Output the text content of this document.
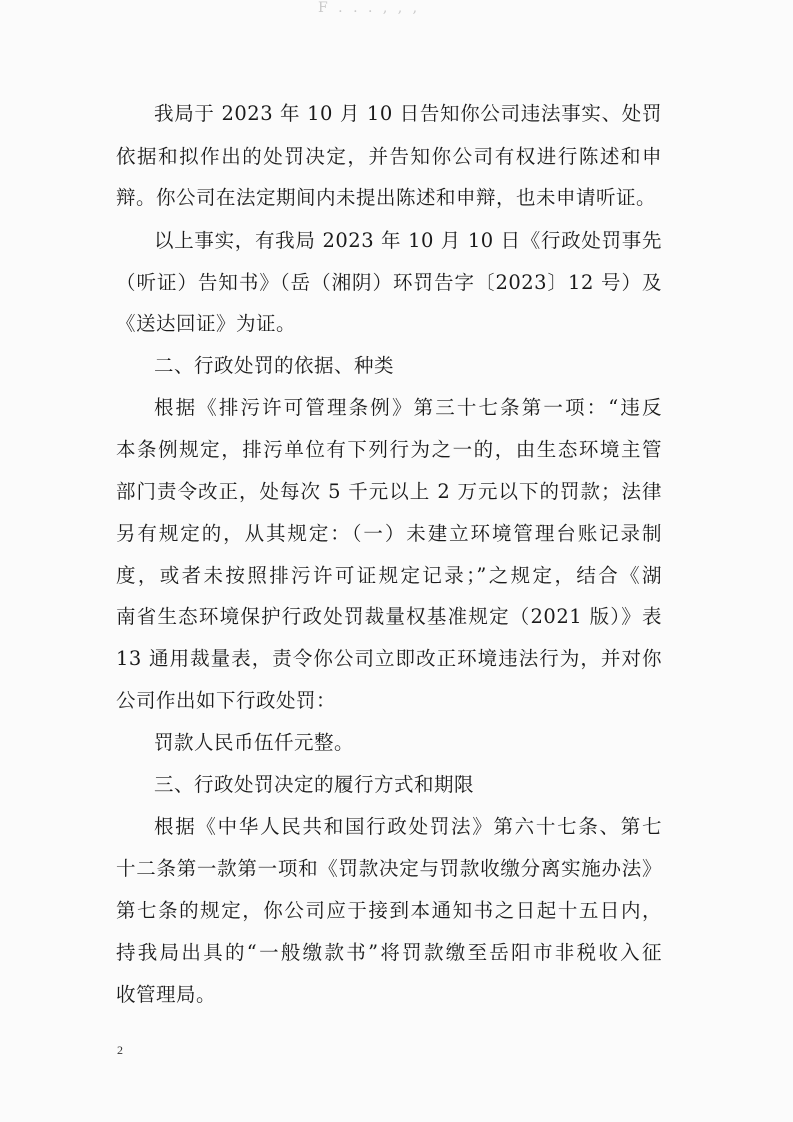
F . . . , , ,
我局于 2023 年 10 月 10 日告知你公司违法事实、处罚
依据和拟作出的处罚决定，并告知你公司有权进行陈述和申
辩。你公司在法定期间内未提出陈述和申辩，也未申请听证。
以上事实，有我局 2023 年 10 月 10 日《行政处罚事先
（听证）告知书》（岳（湘阴）环罚告字〔2023〕12 号）及
《送达回证》为证。
二、行政处罚的依据、种类
根据《排污许可管理条例》第三十七条第一项：“违反
本条例规定，排污单位有下列行为之一的，由生态环境主管
部门责令改正，处每次 5 千元以上 2 万元以下的罚款；法律
另有规定的，从其规定：（一）未建立环境管理台账记录制
度，或者未按照排污许可证规定记录；”之规定，结合《湖
南省生态环境保护行政处罚裁量权基准规定（2021 版）》表
13 通用裁量表，责令你公司立即改正环境违法行为，并对你
公司作出如下行政处罚：
罚款人民币伍仟元整。
三、行政处罚决定的履行方式和期限
根据《中华人民共和国行政处罚法》第六十七条、第七
十二条第一款第一项和《罚款决定与罚款收缴分离实施办法》
第七条的规定，你公司应于接到本通知书之日起十五日内，
持我局出具的“一般缴款书”将罚款缴至岳阳市非税收入征
收管理局。
2
